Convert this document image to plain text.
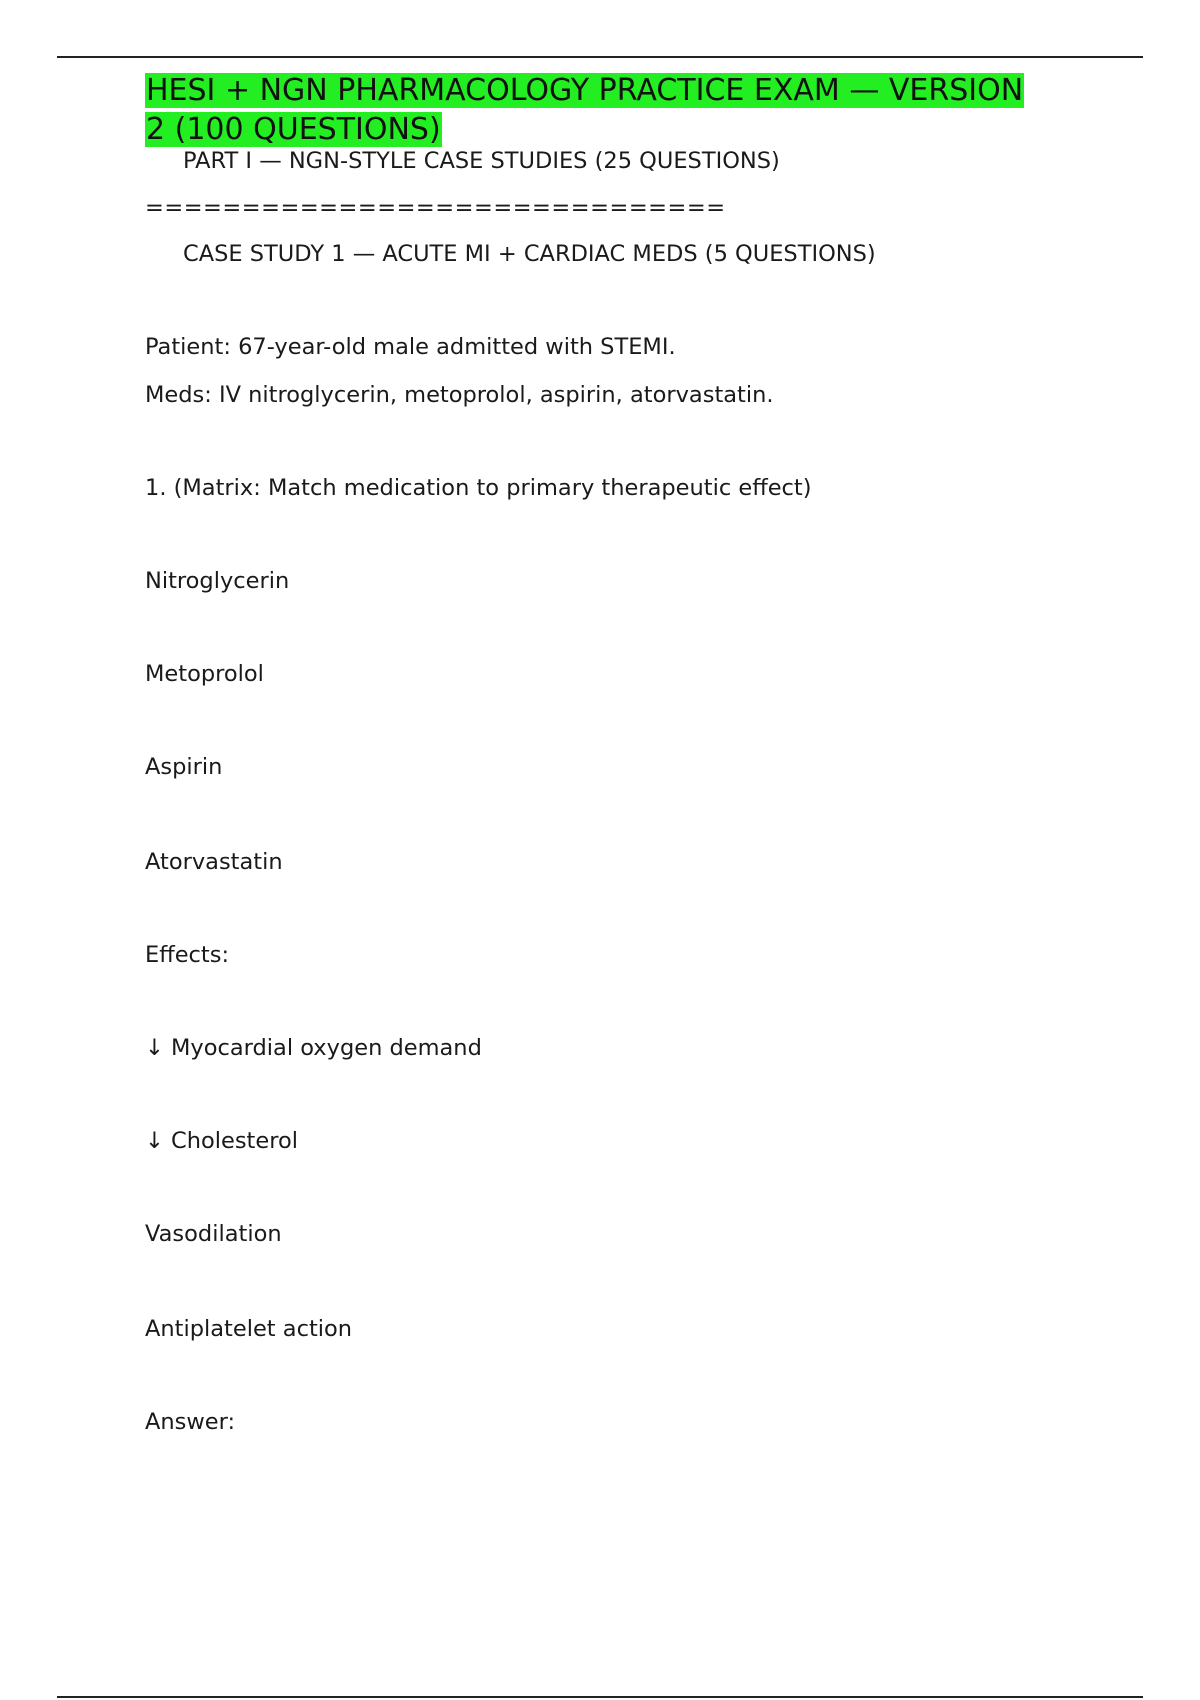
HESI + NGN PHARMACOLOGY PRACTICE EXAM — VERSION 2 (100 QUESTIONS)
PART I — NGN-STYLE CASE STUDIES (25 QUESTIONS)
==============================
CASE STUDY 1 — ACUTE MI + CARDIAC MEDS (5 QUESTIONS)
Patient: 67-year-old male admitted with STEMI.
Meds: IV nitroglycerin, metoprolol, aspirin, atorvastatin.
1. (Matrix: Match medication to primary therapeutic effect)
Nitroglycerin
Metoprolol
Aspirin
Atorvastatin
Effects:
↓ Myocardial oxygen demand
↓ Cholesterol
Vasodilation
Antiplatelet action
Answer:
